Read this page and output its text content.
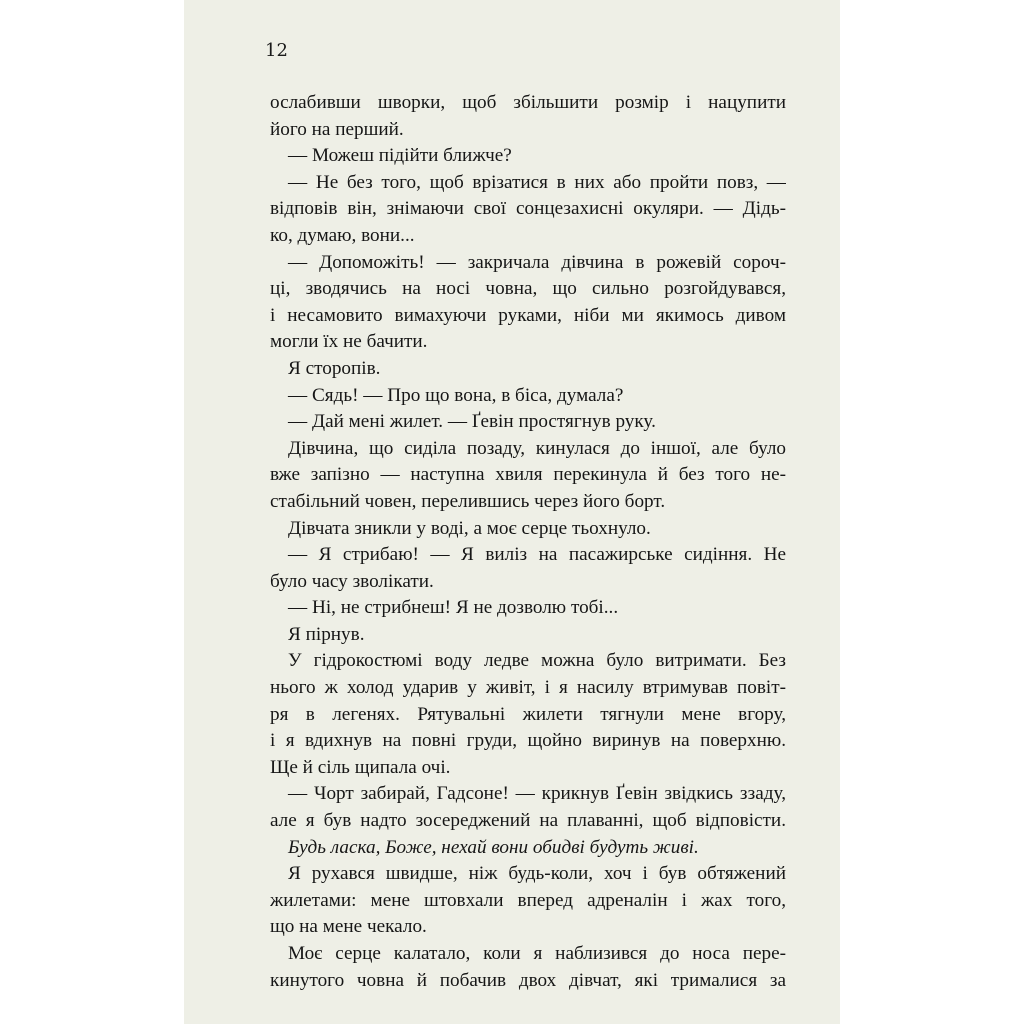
12
ослабивши шворки, щоб збільшити розмір і нацупити
його на перший.
— Можеш підійти ближче?
— Не без того, щоб врізатися в них або пройти повз, —
відповів він, знімаючи свої сонцезахисні окуляри. — Дідь-
ко, думаю, вони...
— Допоможіть! — закричала дівчина в рожевій сороч-
ці, зводячись на носі човна, що сильно розгойдувався,
і несамовито вимахуючи руками, ніби ми якимось дивом
могли їх не бачити.
Я сторопів.
— Сядь! — Про що вона, в біса, думала?
— Дай мені жилет. — Ґевін простягнув руку.
Дівчина, що сиділа позаду, кинулася до іншої, але було
вже запізно — наступна хвиля перекинула й без того не-
стабільний човен, перелившись через його борт.
Дівчата зникли у воді, а моє серце тьохнуло.
— Я стрибаю! — Я виліз на пасажирське сидіння. Не
було часу зволікати.
— Ні, не стрибнеш! Я не дозволю тобі...
Я пірнув.
У гідрокостюмі воду ледве можна було витримати. Без
нього ж холод ударив у живіт, і я насилу втримував повіт-
ря в легенях. Рятувальні жилети тягнули мене вгору,
і я вдихнув на повні груди, щойно виринув на поверхню.
Ще й сіль щипала очі.
— Чорт забирай, Гадсоне! — крикнув Ґевін звідкись ззаду,
але я був надто зосереджений на плаванні, щоб відповісти.
Будь ласка, Боже, нехай вони обидві будуть живі.
Я рухався швидше, ніж будь-коли, хоч і був обтяжений
жилетами: мене штовхали вперед адреналін і жах того,
що на мене чекало.
Моє серце калатало, коли я наблизився до носа пере-
кинутого човна й побачив двох дівчат, які трималися за
